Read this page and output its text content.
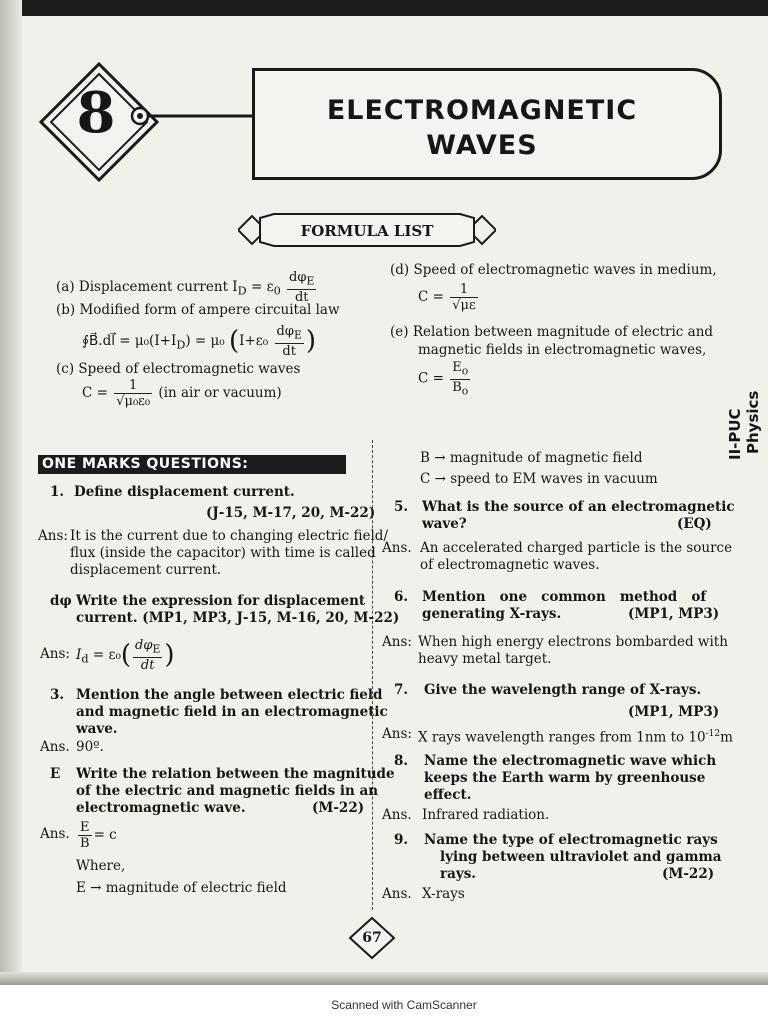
8	ELECTROMAGNETIC
WAVES
FORMULA LIST
(a) Displacement current $I_D = \varepsilon_0 \frac{d\varphi_E}{dt}$
(b) Modified form of ampere circuital law
∮B⃗.dl⃗ = $\mu_0(I+I_D) = \mu_0$ ($I+\varepsilon_0 \frac{d\varphi_E}{dt}$ )
(c) Speed of electromagnetic waves
$C = \frac{1}{\text{√μ₀ε₀}} (in$ air or vacuum)
(d) Speed of electromagnetic waves in medium,
$C = \frac{1}{√\mu\varepsilon}$
(e) Relation between magnitude of electric and
magnetic fields in electromagnetic waves,
$C = \frac{E_o}{B_o}$
II-PUC Physics
ONE MARKS QUESTIONS:
1. Define displacement current.
(J-15, M-17, 20, M-22)
Ans: It is the current due to changing electric field/
flux (inside the capacitor) with time is called
displacement current.
dφ Write the expression for displacement
current. (MP1, MP3, J-15, M-16, 20, M-22)
Ans: $I_d = \varepsilon_0( \frac{d\varphi_E}{dt}$ )
3. Mention the angle between electric field
and magnetic field in an electromagnetic
wave.
Ans. 90º.
E Write the relation between the magnitude
of the electric and magnetic fields in an
electromagnetic wave.	(M-22)
Ans. $\frac{E}{B} = c$
Where,
E → magnitude of electric field
B → magnitude of magnetic field
C → speed to EM waves in vacuum
5. What is the source of an electromagnetic
wave?	(EQ)
Ans. An accelerated charged particle is the source
of electromagnetic waves.
6. Mention   one   common   method   of
generating X-rays.	(MP1, MP3)
Ans: When high energy electrons bombarded with
heavy metal target.
7. Give the wavelength range of X-rays.
(MP1, MP3)
Ans: X rays wavelength ranges from 1nm to $10^{-12}m$
8. Name the electromagnetic wave which
keeps the Earth warm by greenhouse
effect.
Ans. Infrared radiation.
9. Name the type of electromagnetic rays
lying between ultraviolet and gamma
rays.	(M-22)
Ans. X-rays
67
Scanned with CamScanner
